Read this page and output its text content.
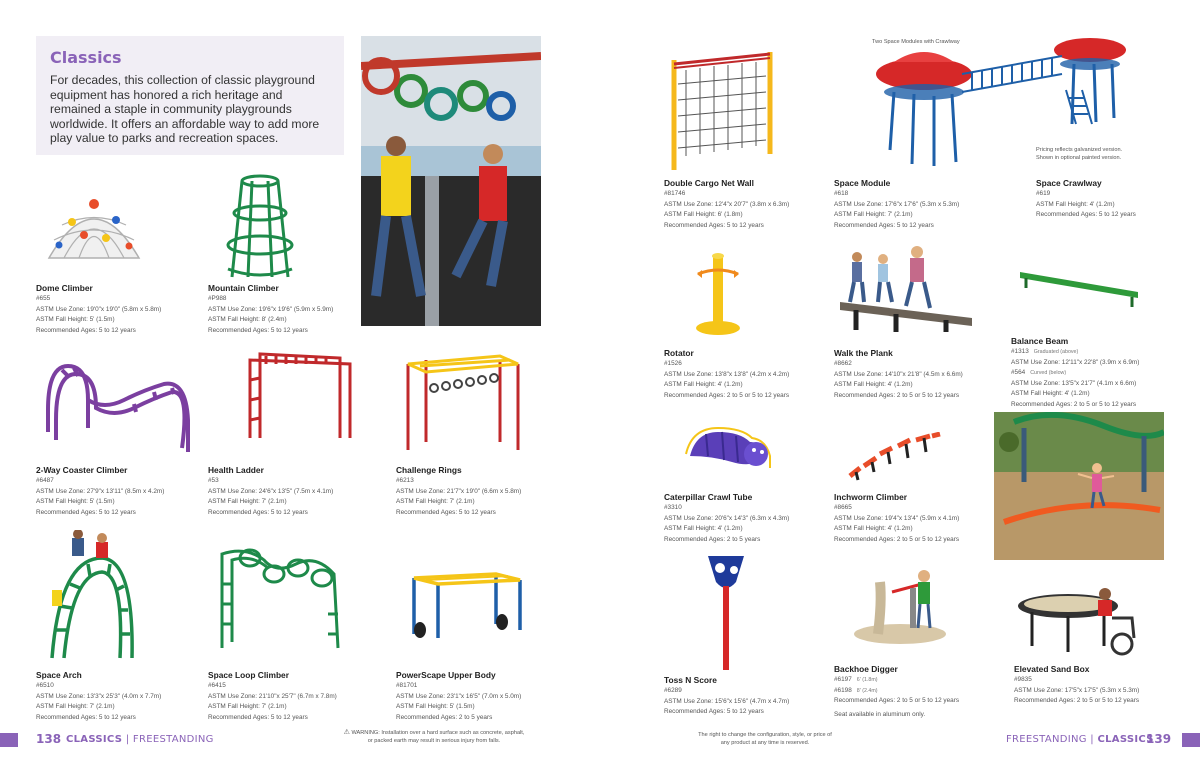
Classics

For decades, this collection of classic playground equipment has honored a rich heritage and remained a staple in community playgrounds worldwide. It offers an affordable way to add more play value to parks and recreation spaces.

Dome Climber
#655
ASTM Use Zone: 19'0"x 19'0" (5.8m x 5.8m)
ASTM Fall Height: 5' (1.5m)
Recommended Ages: 5 to 12 years
Mountain Climber
#P988
ASTM Use Zone: 19'6"x 19'6" (5.9m x 5.9m)
ASTM Fall Height: 8' (2.4m)
Recommended Ages: 5 to 12 years
2-Way Coaster Climber
#6487
ASTM Use Zone: 27'9"x 13'11" (8.5m x 4.2m)
ASTM Fall Height: 5' (1.5m)
Recommended Ages: 5 to 12 years
Health Ladder
#53
ASTM Use Zone: 24'6"x 13'5" (7.5m x 4.1m)
ASTM Fall Height: 7' (2.1m)
Recommended Ages: 5 to 12 years
Challenge Rings
#6213
ASTM Use Zone: 21'7"x 19'0" (6.6m x 5.8m)
ASTM Fall Height: 7' (2.1m) Recommended Ages: 5 to 12 years
Space Arch
#6510
ASTM Use Zone: 13'3"x 25'3" (4.0m x 7.7m)
ASTM Fall Height: 7' (2.1m)
Recommended Ages: 5 to 12 years
Space Loop Climber
#6415
ASTM Use Zone: 21'10"x 25'7" (6.7m x 7.8m)
ASTM Fall Height: 7' (2.1m)
Recommended Ages: 5 to 12 years
PowerScape Upper Body
#81701
ASTM Use Zone: 23'1"x 16'5" (7.0m x 5.0m)
ASTM Fall Height: 5' (1.5m)
Recommended Ages: 2 to 5 years
Double Cargo Net Wall
#81746
ASTM Use Zone: 12'4"x 20'7" (3.8m x 6.3m)
ASTM Fall Height: 6' (1.8m)
Recommended Ages: 5 to 12 years
Two Space Modules with Crawlway
Pricing reflects galvanized version.
Shown in optional painted version.
Space Module
#618
ASTM Use Zone: 17'6"x 17'6" (5.3m x 5.3m)
ASTM Fall Height: 7' (2.1m)
Recommended Ages: 5 to 12 years
Space Crawlway
#619
ASTM Fall Height: 4' (1.2m)
Recommended Ages: 5 to 12 years
Rotator
#1526
ASTM Use Zone: 13'8"x 13'8" (4.2m x 4.2m)
ASTM Fall Height: 4' (1.2m)
Recommended Ages: 2 to 5 or 5 to 12 years
Walk the Plank
#8662
ASTM Use Zone: 14'10"x 21'8" (4.5m x 6.6m)
ASTM Fall Height: 4' (1.2m)
Recommended Ages: 2 to 5 or 5 to 12 years
Balance Beam
#1313 Graduated (above)
ASTM Use Zone: 12'11"x 22'8" (3.9m x 6.9m)
#564 Curved (below)
ASTM Use Zone: 13'5"x 21'7" (4.1m x 6.6m)
ASTM Fall Height: 4' (1.2m)
Recommended Ages: 2 to 5 or 5 to 12 years
Caterpillar Crawl Tube
#3310
ASTM Use Zone: 20'6"x 14'3" (6.3m x 4.3m)
ASTM Fall Height: 4' (1.2m)
Recommended Ages: 2 to 5 years
Inchworm Climber
#8665
ASTM Use Zone: 19'4"x 13'4" (5.9m x 4.1m)
ASTM Fall Height: 4' (1.2m)
Recommended Ages: 2 to 5 or 5 to 12 years
Toss N Score
#6289
ASTM Use Zone: 15'6"x 15'6" (4.7m x 4.7m)
Recommended Ages: 5 to 12 years
Backhoe Digger
#6197 6' (1.8m)
#6198 8' (2.4m)
Recommended Ages: 2 to 5 or 5 to 12 years
Seat available in aluminum only.
Elevated Sand Box
#9835
ASTM Use Zone: 17'5"x 17'5" (5.3m x 5.3m)
Recommended Ages: 2 to 5 or 5 to 12 years
138 CLASSICS | FREESTANDING
⚠ WARNING: Installation over a hard surface such as concrete, asphalt,
or packed earth may result in serious injury from falls.
The right to change the configuration, style, or price of
any product at any time is reserved.	FREESTANDING | CLASSICS
139
